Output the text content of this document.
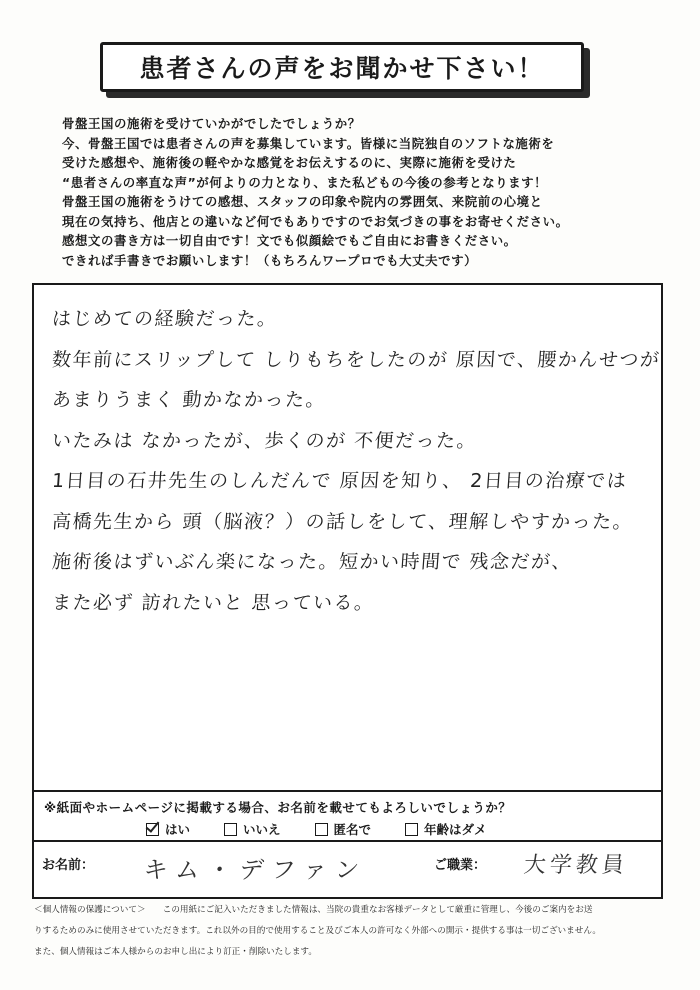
患者さんの声をお聞かせ下さい！
骨盤王国の施術を受けていかがでしたでしょうか？
今、骨盤王国では患者さんの声を募集しています。皆様に当院独自のソフトな施術を
受けた感想や、施術後の軽やかな感覚をお伝えするのに、実際に施術を受けた
“患者さんの率直な声”が何よりの力となり、また私どもの今後の参考となります！
骨盤王国の施術をうけての感想、スタッフの印象や院内の雰囲気、来院前の心境と
現在の気持ち、他店との違いなど何でもありですのでお気づきの事をお寄せください。
感想文の書き方は一切自由です！文でも似顔絵でもご自由にお書きください。
できれば手書きでお願いします！（もちろんワープロでも大丈夫です）
はじめての経験だった。
数年前にスリップして しりもちをしたのが 原因で、腰かんせつが
あまりうまく 動かなかった。
いたみは なかったが、歩くのが 不便だった。
1日目の石井先生のしんだんで 原因を知り、 2日目の治療では
高橋先生から 頭（脳液？）の話しをして、理解しやすかった。
施術後はずいぶん楽になった。短かい時間で 残念だが、
また必ず 訪れたいと 思っている。
※紙面やホームページに掲載する場合、お名前を載せてもよろしいでしょうか？
はい	いいえ	匿名で	年齢はダメ
お名前： キム・デファン	ご職業： 大学教員
＜個人情報の保護について＞　　この用紙にご記入いただきました情報は、当院の貴重なお客様データとして厳重に管理し、今後のご案内をお送
りするためのみに使用させていただきます。これ以外の目的で使用すること及びご本人の許可なく外部への開示・提供する事は一切ございません。
また、個人情報はご本人様からのお申し出により訂正・削除いたします。
